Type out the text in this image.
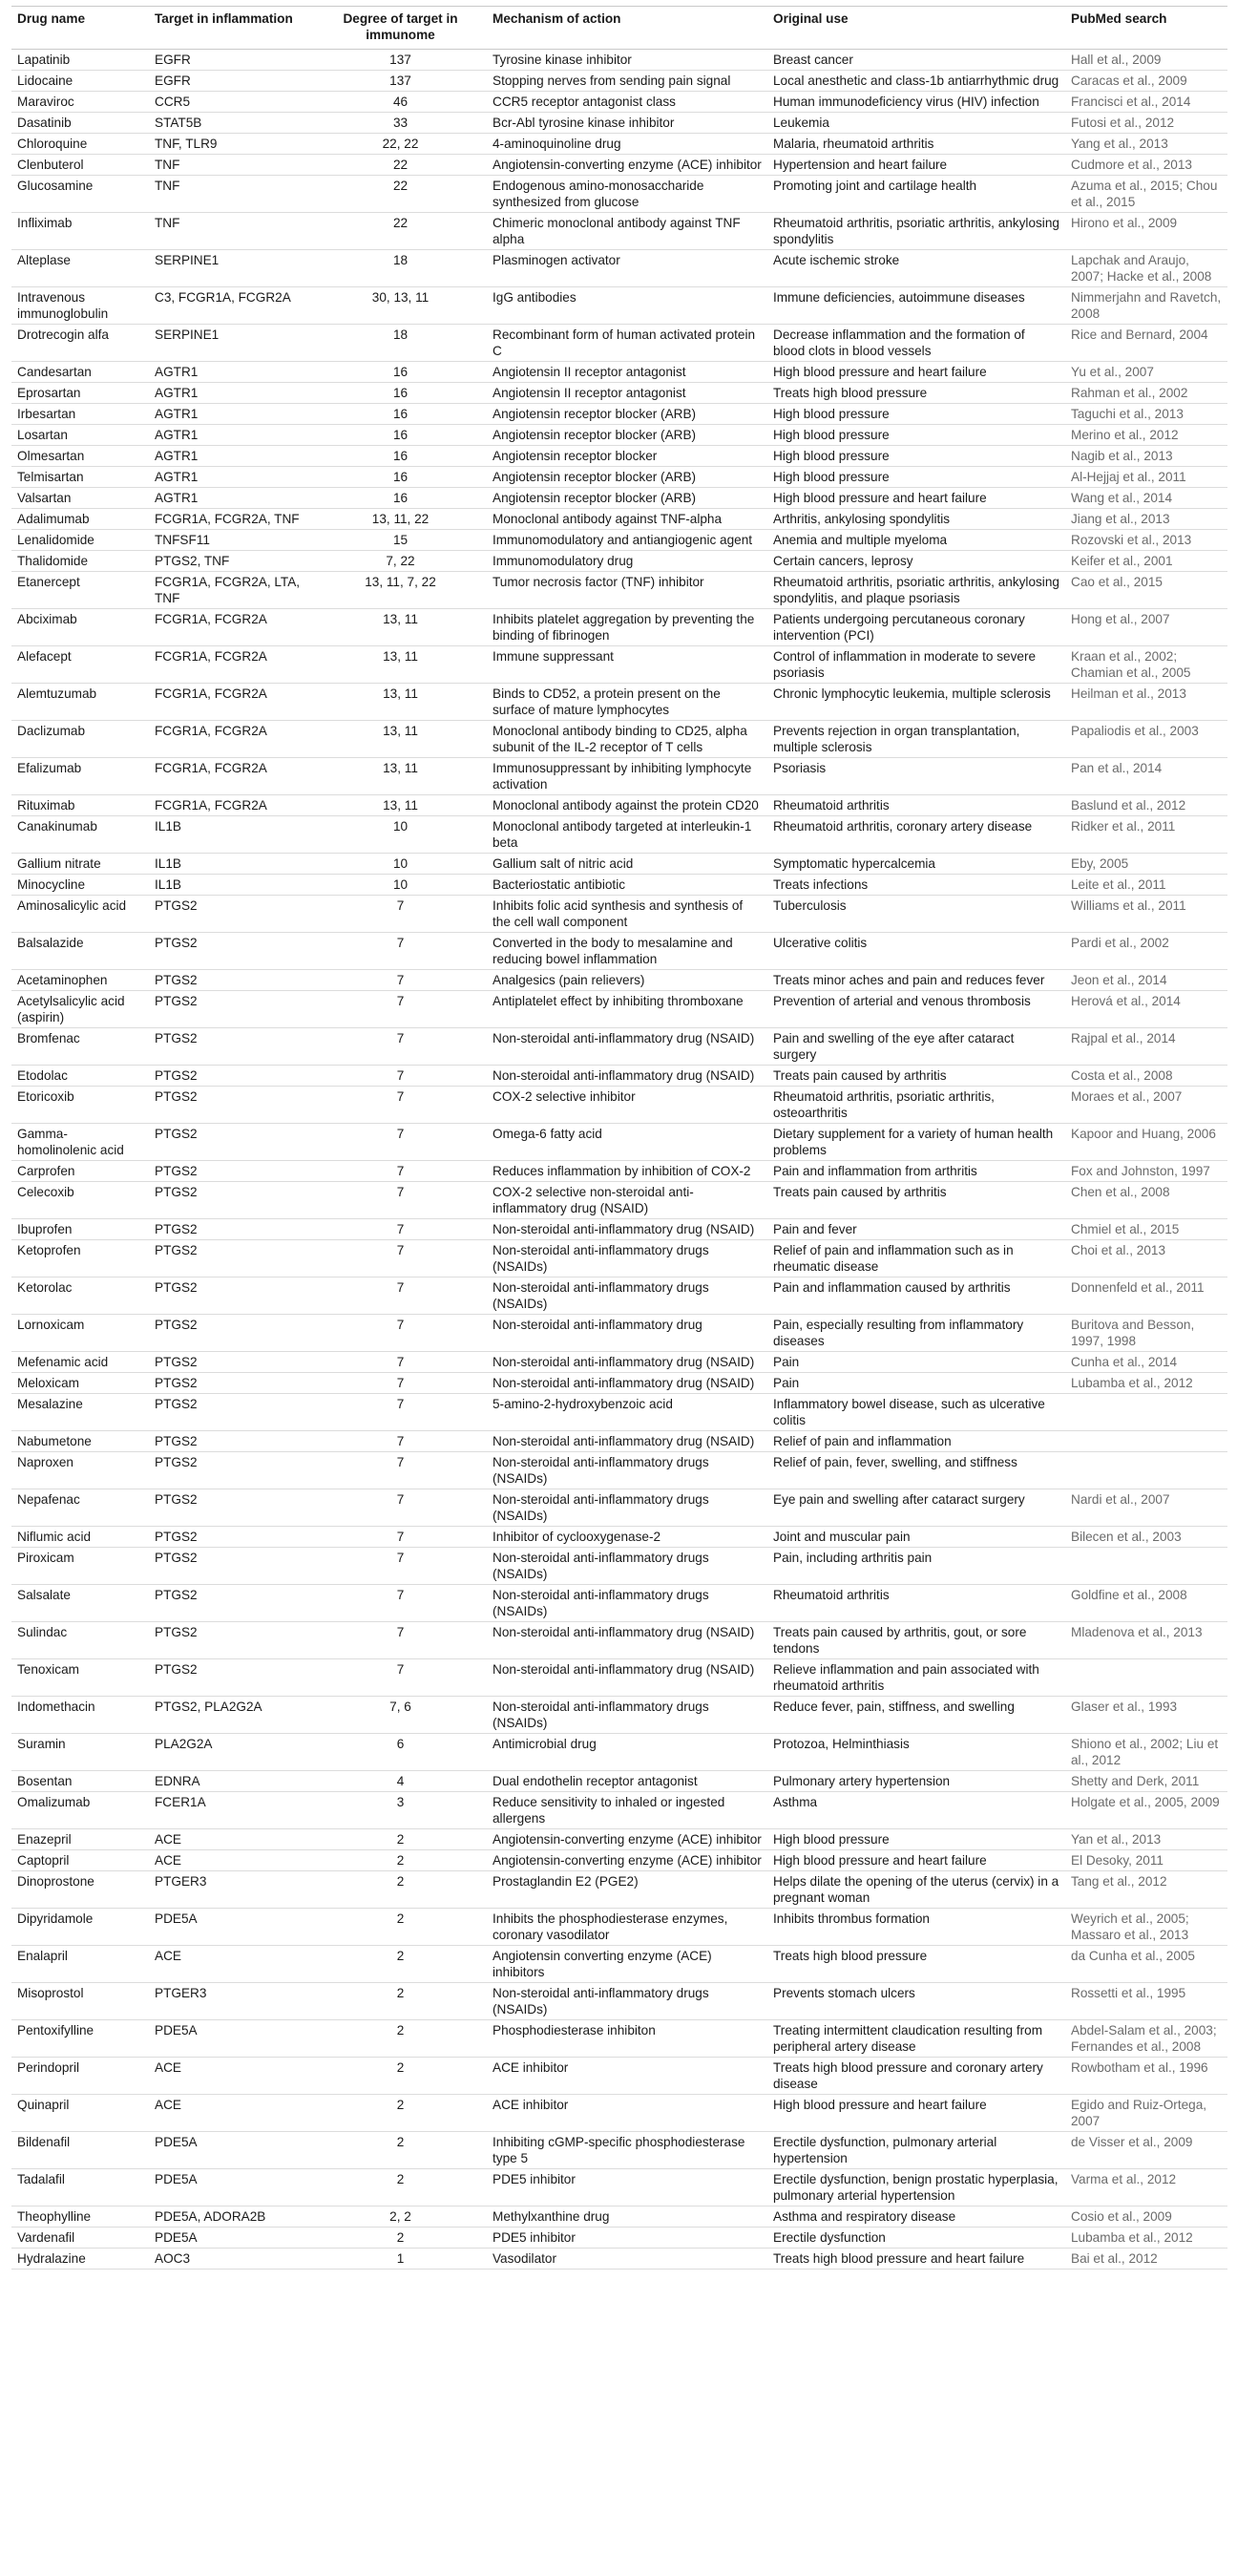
Drug name	Target in inflammation	Degree of target in immunome	Mechanism of action	Original use	PubMed search
Lapatinib	EGFR	137	Tyrosine kinase inhibitor	Breast cancer	Hall et al., 2009
Lidocaine	EGFR	137	Stopping nerves from sending pain signal	Local anesthetic and class-1b antiarrhythmic drug	Caracas et al., 2009
Maraviroc	CCR5	46	CCR5 receptor antagonist class	Human immunodeficiency virus (HIV) infection	Francisci et al., 2014
Dasatinib	STAT5B	33	Bcr-Abl tyrosine kinase inhibitor	Leukemia	Futosi et al., 2012
Chloroquine	TNF, TLR9	22, 22	4-aminoquinoline drug	Malaria, rheumatoid arthritis	Yang et al., 2013
Clenbuterol	TNF	22	Angiotensin-converting enzyme (ACE) inhibitor	Hypertension and heart failure	Cudmore et al., 2013
Glucosamine	TNF	22	Endogenous amino-monosaccharide synthesized from glucose	Promoting joint and cartilage health	Azuma et al., 2015; Chou et al., 2015
Infliximab	TNF	22	Chimeric monoclonal antibody against TNF alpha	Rheumatoid arthritis, psoriatic arthritis, ankylosing spondylitis	Hirono et al., 2009
Alteplase	SERPINE1	18	Plasminogen activator	Acute ischemic stroke	Lapchak and Araujo, 2007; Hacke et al., 2008
Intravenous immunoglobulin	C3, FCGR1A, FCGR2A	30, 13, 11	IgG antibodies	Immune deficiencies, autoimmune diseases	Nimmerjahn and Ravetch, 2008
Drotrecogin alfa	SERPINE1	18	Recombinant form of human activated protein C	Decrease inflammation and the formation of blood clots in blood vessels	Rice and Bernard, 2004
Candesartan	AGTR1	16	Angiotensin II receptor antagonist	High blood pressure and heart failure	Yu et al., 2007
Eprosartan	AGTR1	16	Angiotensin II receptor antagonist	Treats high blood pressure	Rahman et al., 2002
Irbesartan	AGTR1	16	Angiotensin receptor blocker (ARB)	High blood pressure	Taguchi et al., 2013
Losartan	AGTR1	16	Angiotensin receptor blocker (ARB)	High blood pressure	Merino et al., 2012
Olmesartan	AGTR1	16	Angiotensin receptor blocker	High blood pressure	Nagib et al., 2013
Telmisartan	AGTR1	16	Angiotensin receptor blocker (ARB)	High blood pressure	Al-Hejjaj et al., 2011
Valsartan	AGTR1	16	Angiotensin receptor blocker (ARB)	High blood pressure and heart failure	Wang et al., 2014
Adalimumab	FCGR1A, FCGR2A, TNF	13, 11, 22	Monoclonal antibody against TNF-alpha	Arthritis, ankylosing spondylitis	Jiang et al., 2013
Lenalidomide	TNFSF11	15	Immunomodulatory and antiangiogenic agent	Anemia and multiple myeloma	Rozovski et al., 2013
Thalidomide	PTGS2, TNF	7, 22	Immunomodulatory drug	Certain cancers, leprosy	Keifer et al., 2001
Etanercept	FCGR1A, FCGR2A, LTA, TNF	13, 11, 7, 22	Tumor necrosis factor (TNF) inhibitor	Rheumatoid arthritis, psoriatic arthritis, ankylosing spondylitis, and plaque psoriasis	Cao et al., 2015
Abciximab	FCGR1A, FCGR2A	13, 11	Inhibits platelet aggregation by preventing the binding of fibrinogen	Patients undergoing percutaneous coronary intervention (PCI)	Hong et al., 2007
Alefacept	FCGR1A, FCGR2A	13, 11	Immune suppressant	Control of inflammation in moderate to severe psoriasis	Kraan et al., 2002; Chamian et al., 2005
Alemtuzumab	FCGR1A, FCGR2A	13, 11	Binds to CD52, a protein present on the surface of mature lymphocytes	Chronic lymphocytic leukemia, multiple sclerosis	Heilman et al., 2013
Daclizumab	FCGR1A, FCGR2A	13, 11	Monoclonal antibody binding to CD25, alpha subunit of the IL-2 receptor of T cells	Prevents rejection in organ transplantation, multiple sclerosis	Papaliodis et al., 2003
Efalizumab	FCGR1A, FCGR2A	13, 11	Immunosuppressant by inhibiting lymphocyte activation	Psoriasis	Pan et al., 2014
Rituximab	FCGR1A, FCGR2A	13, 11	Monoclonal antibody against the protein CD20	Rheumatoid arthritis	Baslund et al., 2012
Canakinumab	IL1B	10	Monoclonal antibody targeted at interleukin-1 beta	Rheumatoid arthritis, coronary artery disease	Ridker et al., 2011
Gallium nitrate	IL1B	10	Gallium salt of nitric acid	Symptomatic hypercalcemia	Eby, 2005
Minocycline	IL1B	10	Bacteriostatic antibiotic	Treats infections	Leite et al., 2011
Aminosalicylic acid	PTGS2	7	Inhibits folic acid synthesis and synthesis of the cell wall component	Tuberculosis	Williams et al., 2011
Balsalazide	PTGS2	7	Converted in the body to mesalamine and reducing bowel inflammation	Ulcerative colitis	Pardi et al., 2002
Acetaminophen	PTGS2	7	Analgesics (pain relievers)	Treats minor aches and pain and reduces fever	Jeon et al., 2014
Acetylsalicylic acid (aspirin)	PTGS2	7	Antiplatelet effect by inhibiting thromboxane	Prevention of arterial and venous thrombosis	Herová et al., 2014
Bromfenac	PTGS2	7	Non-steroidal anti-inflammatory drug (NSAID)	Pain and swelling of the eye after cataract surgery	Rajpal et al., 2014
Etodolac	PTGS2	7	Non-steroidal anti-inflammatory drug (NSAID)	Treats pain caused by arthritis	Costa et al., 2008
Etoricoxib	PTGS2	7	COX-2 selective inhibitor	Rheumatoid arthritis, psoriatic arthritis, osteoarthritis	Moraes et al., 2007
Gamma-homolinolenic acid	PTGS2	7	Omega-6 fatty acid	Dietary supplement for a variety of human health problems	Kapoor and Huang, 2006
Carprofen	PTGS2	7	Reduces inflammation by inhibition of COX-2	Pain and inflammation from arthritis	Fox and Johnston, 1997
Celecoxib	PTGS2	7	COX-2 selective non-steroidal anti-inflammatory drug (NSAID)	Treats pain caused by arthritis	Chen et al., 2008
Ibuprofen	PTGS2	7	Non-steroidal anti-inflammatory drug (NSAID)	Pain and fever	Chmiel et al., 2015
Ketoprofen	PTGS2	7	Non-steroidal anti-inflammatory drugs (NSAIDs)	Relief of pain and inflammation such as in rheumatic disease	Choi et al., 2013
Ketorolac	PTGS2	7	Non-steroidal anti-inflammatory drugs (NSAIDs)	Pain and inflammation caused by arthritis	Donnenfeld et al., 2011
Lornoxicam	PTGS2	7	Non-steroidal anti-inflammatory drug	Pain, especially resulting from inflammatory diseases	Buritova and Besson, 1997, 1998
Mefenamic acid	PTGS2	7	Non-steroidal anti-inflammatory drug (NSAID)	Pain	Cunha et al., 2014
Meloxicam	PTGS2	7	Non-steroidal anti-inflammatory drug (NSAID)	Pain	Lubamba et al., 2012
Mesalazine	PTGS2	7	5-amino-2-hydroxybenzoic acid	Inflammatory bowel disease, such as ulcerative colitis	
Nabumetone	PTGS2	7	Non-steroidal anti-inflammatory drug (NSAID)	Relief of pain and inflammation	
Naproxen	PTGS2	7	Non-steroidal anti-inflammatory drugs (NSAIDs)	Relief of pain, fever, swelling, and stiffness	
Nepafenac	PTGS2	7	Non-steroidal anti-inflammatory drugs (NSAIDs)	Eye pain and swelling after cataract surgery	Nardi et al., 2007
Niflumic acid	PTGS2	7	Inhibitor of cyclooxygenase-2	Joint and muscular pain	Bilecen et al., 2003
Piroxicam	PTGS2	7	Non-steroidal anti-inflammatory drugs (NSAIDs)	Pain, including arthritis pain	
Salsalate	PTGS2	7	Non-steroidal anti-inflammatory drugs (NSAIDs)	Rheumatoid arthritis	Goldfine et al., 2008
Sulindac	PTGS2	7	Non-steroidal anti-inflammatory drug (NSAID)	Treats pain caused by arthritis, gout, or sore tendons	Mladenova et al., 2013
Tenoxicam	PTGS2	7	Non-steroidal anti-inflammatory drug (NSAID)	Relieve inflammation and pain associated with rheumatoid arthritis	
Indomethacin	PTGS2, PLA2G2A	7, 6	Non-steroidal anti-inflammatory drugs (NSAIDs)	Reduce fever, pain, stiffness, and swelling	Glaser et al., 1993
Suramin	PLA2G2A	6	Antimicrobial drug	Protozoa, Helminthiasis	Shiono et al., 2002; Liu et al., 2012
Bosentan	EDNRA	4	Dual endothelin receptor antagonist	Pulmonary artery hypertension	Shetty and Derk, 2011
Omalizumab	FCER1A	3	Reduce sensitivity to inhaled or ingested allergens	Asthma	Holgate et al., 2005, 2009
Enazepril	ACE	2	Angiotensin-converting enzyme (ACE) inhibitor	High blood pressure	Yan et al., 2013
Captopril	ACE	2	Angiotensin-converting enzyme (ACE) inhibitor	High blood pressure and heart failure	El Desoky, 2011
Dinoprostone	PTGER3	2	Prostaglandin E2 (PGE2)	Helps dilate the opening of the uterus (cervix) in a pregnant woman	Tang et al., 2012
Dipyridamole	PDE5A	2	Inhibits the phosphodiesterase enzymes, coronary vasodilator	Inhibits thrombus formation	Weyrich et al., 2005; Massaro et al., 2013
Enalapril	ACE	2	Angiotensin converting enzyme (ACE) inhibitors	Treats high blood pressure	da Cunha et al., 2005
Misoprostol	PTGER3	2	Non-steroidal anti-inflammatory drugs (NSAIDs)	Prevents stomach ulcers	Rossetti et al., 1995
Pentoxifylline	PDE5A	2	Phosphodiesterase inhibiton	Treating intermittent claudication resulting from peripheral artery disease	Abdel-Salam et al., 2003; Fernandes et al., 2008
Perindopril	ACE	2	ACE inhibitor	Treats high blood pressure and coronary artery disease	Rowbotham et al., 1996
Quinapril	ACE	2	ACE inhibitor	High blood pressure and heart failure	Egido and Ruiz-Ortega, 2007
Bildenafil	PDE5A	2	Inhibiting cGMP-specific phosphodiesterase type 5	Erectile dysfunction, pulmonary arterial hypertension	de Visser et al., 2009
Tadalafil	PDE5A	2	PDE5 inhibitor	Erectile dysfunction, benign prostatic hyperplasia, pulmonary arterial hypertension	Varma et al., 2012
Theophylline	PDE5A, ADORA2B	2, 2	Methylxanthine drug	Asthma and respiratory disease	Cosio et al., 2009
Vardenafil	PDE5A	2	PDE5 inhibitor	Erectile dysfunction	Lubamba et al., 2012
Hydralazine	AOC3	1	Vasodilator	Treats high blood pressure and heart failure	Bai et al., 2012
